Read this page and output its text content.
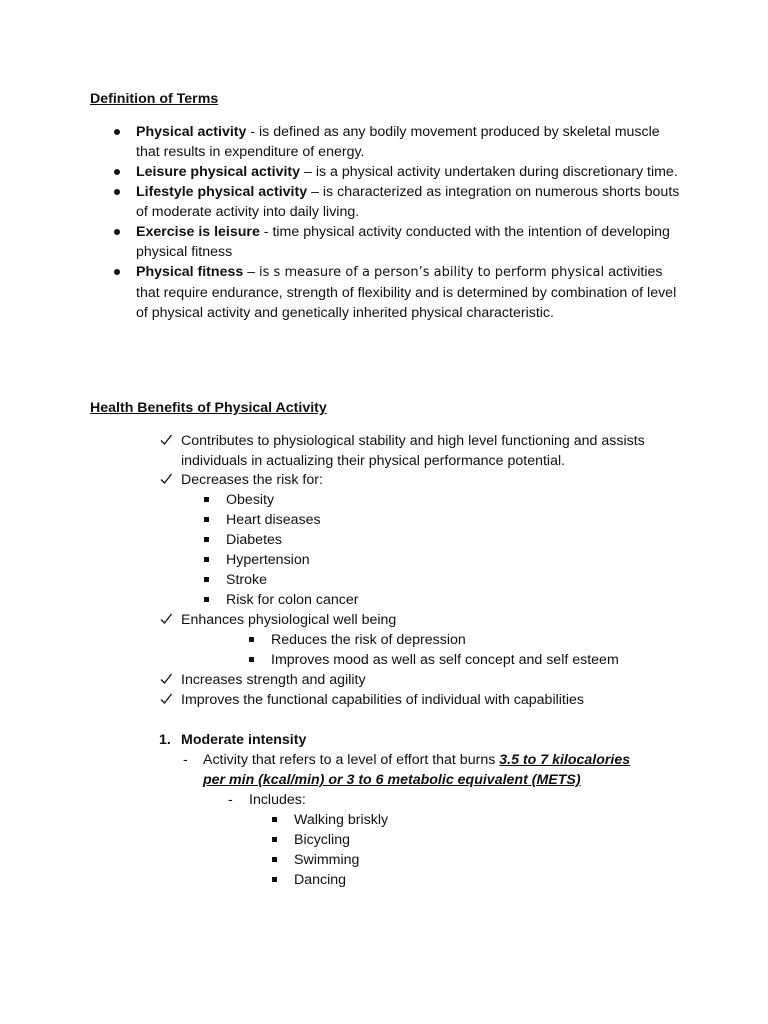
Definition of Terms
Physical activity - is defined as any bodily movement produced by skeletal muscle that results in expenditure of energy.
Leisure physical activity – is a physical activity undertaken during discretionary time.
Lifestyle physical activity – is characterized as integration on numerous shorts bouts of moderate activity into daily living.
Exercise is leisure - time physical activity conducted with the intention of developing physical fitness
Physical fitness – is s measure of a person’s ability to perform physical activities that require endurance, strength of flexibility and is determined by combination of level of physical activity and genetically inherited physical characteristic.
Health Benefits of Physical Activity
Contributes to physiological stability and high level functioning and assists
individuals in actualizing their physical performance potential.
Decreases the risk for:
Obesity
Heart diseases
Diabetes
Hypertension
Stroke
Risk for colon cancer
Enhances physiological well being
Reduces the risk of depression
Improves mood as well as self concept and self esteem
Increases strength and agility
Improves the functional capabilities of individual with capabilities
1. Moderate intensity
- Activity that refers to a level of effort that burns 3.5 to 7 kilocalories
per min (kcal/min) or 3 to 6 metabolic equivalent (METS)
- Includes:
Walking briskly
Bicycling
Swimming
Dancing
